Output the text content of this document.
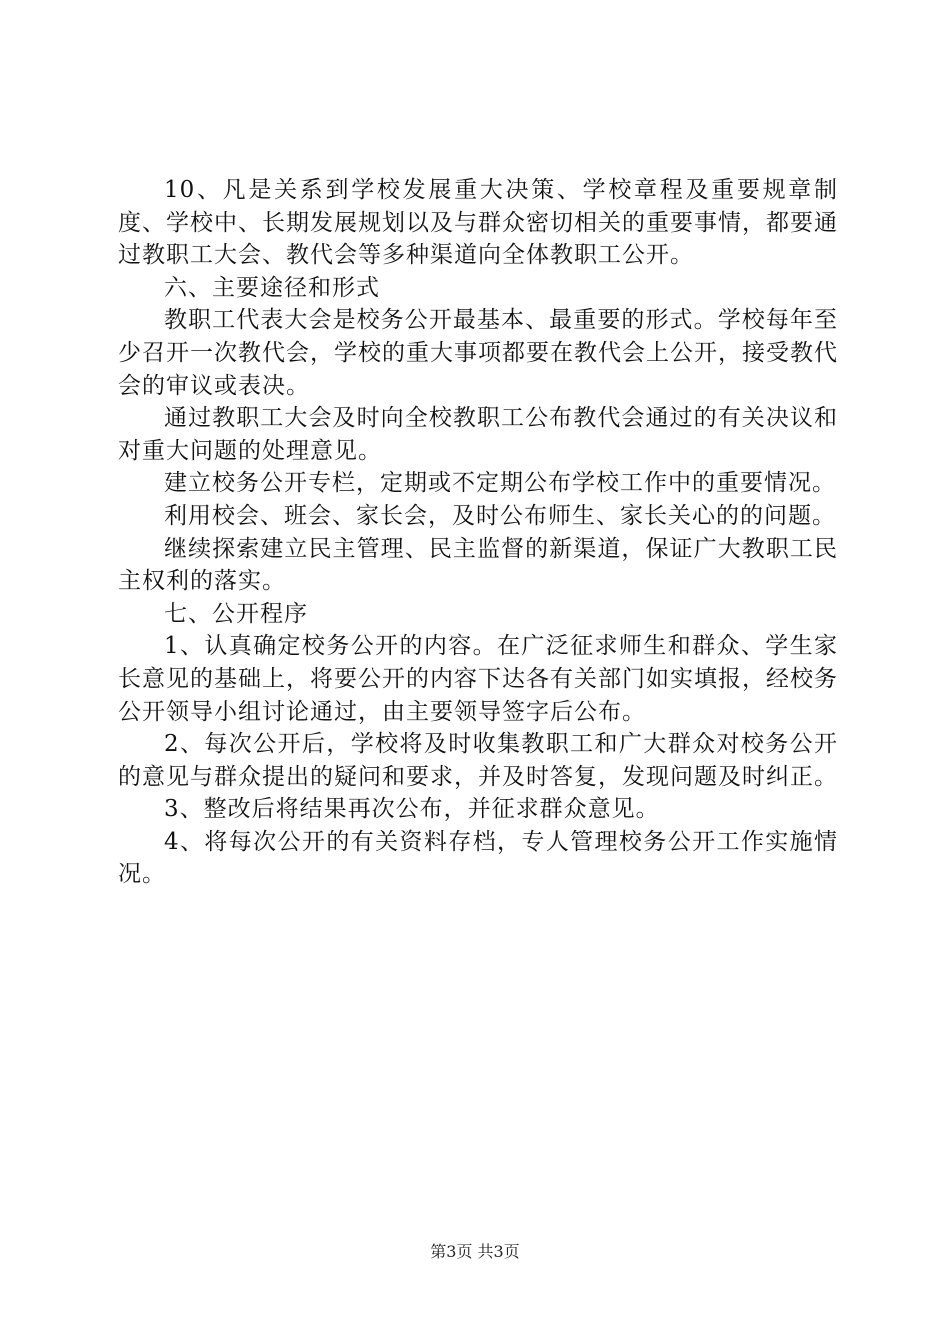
10、凡是关系到学校发展重大决策、学校章程及重要规章制度、学校中、长期发展规划以及与群众密切相关的重要事情，都要通过教职工大会、教代会等多种渠道向全体教职工公开。

六、主要途径和形式

教职工代表大会是校务公开最基本、最重要的形式。学校每年至少召开一次教代会，学校的重大事项都要在教代会上公开，接受教代会的审议或表决。

通过教职工大会及时向全校教职工公布教代会通过的有关决议和对重大问题的处理意见。

建立校务公开专栏，定期或不定期公布学校工作中的重要情况。

利用校会、班会、家长会，及时公布师生、家长关心的的问题。

继续探索建立民主管理、民主监督的新渠道，保证广大教职工民主权利的落实。

七、公开程序

1、认真确定校务公开的内容。在广泛征求师生和群众、学生家长意见的基础上，将要公开的内容下达各有关部门如实填报，经校务公开领导小组讨论通过，由主要领导签字后公布。

2、每次公开后，学校将及时收集教职工和广大群众对校务公开的意见与群众提出的疑问和要求，并及时答复，发现问题及时纠正。

3、整改后将结果再次公布，并征求群众意见。

4、将每次公开的有关资料存档，专人管理校务公开工作实施情况。

第3页 共3页
